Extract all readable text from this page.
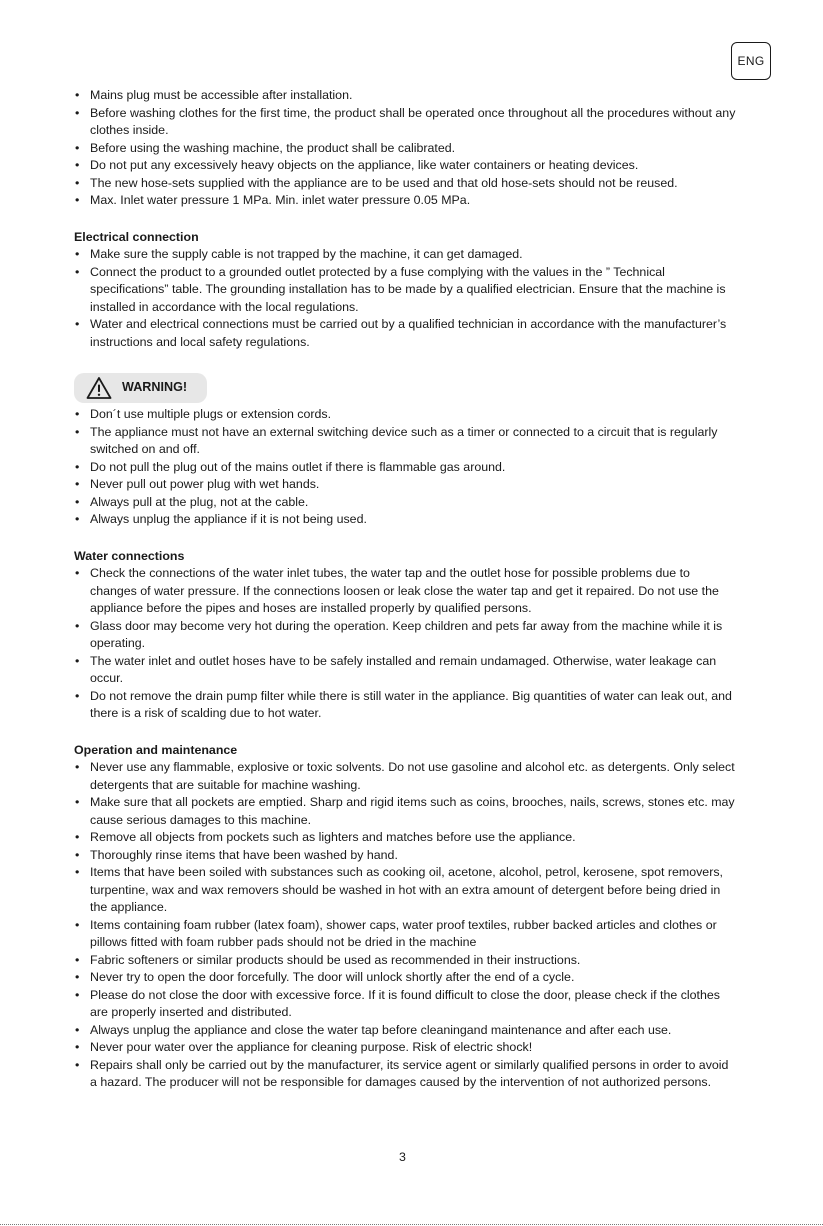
ENG
• Mains plug must be accessible after installation.
• Before washing clothes for the first time, the product shall be operated once throughout all the procedures without any clothes inside.
• Before using the washing machine, the product shall be calibrated.
• Do not put any excessively heavy objects on the appliance, like water containers or heating devices.
• The new hose-sets supplied with the appliance are to be used and that old hose-sets should not be reused.
• Max. Inlet water pressure 1 MPa. Min. inlet water pressure 0.05 MPa.
Electrical connection
• Make sure the supply cable is not trapped by the machine, it can get damaged.
• Connect the product to a grounded outlet protected by a fuse complying with the values in the ” Technical specifications” table. The grounding installation has to be made by a qualified electrician. Ensure that the machine is installed in accordance with the local regulations.
• Water and electrical connections must be carried out by a qualified technician in accordance with the manufacturer’s instructions and local safety regulations.
WARNING!
• Don´t use multiple plugs or extension cords.
• The appliance must not have an external switching device such as a timer or connected to a circuit that is regularly switched on and off.
• Do not pull the plug out of the mains outlet if there is flammable gas around.
• Never pull out power plug with wet hands.
• Always pull at the plug, not at the cable.
• Always unplug the appliance if it is not being used.
Water connections
• Check the connections of the water inlet tubes, the water tap and the outlet hose for possible problems due to changes of water pressure. If the connections loosen or leak close the water tap and get it repaired. Do not use the appliance before the pipes and hoses are installed properly by qualified persons.
• Glass door may become very hot during the operation. Keep children and pets far away from the machine while it is operating.
• The water inlet and outlet hoses have to be safely installed and remain undamaged. Otherwise, water leakage can occur.
• Do not remove the drain pump filter while there is still water in the appliance. Big quantities of water can leak out, and there is a risk of scalding due to hot water.
Operation and maintenance
• Never use any flammable, explosive or toxic solvents. Do not use gasoline and alcohol etc. as detergents. Only select detergents that are suitable for machine washing.
• Make sure that all pockets are emptied. Sharp and rigid items such as coins, brooches, nails, screws, stones etc. may cause serious damages to this machine.
• Remove all objects from pockets such as lighters and matches before use the appliance.
• Thoroughly rinse items that have been washed by hand.
• Items that have been soiled with substances such as cooking oil, acetone, alcohol, petrol, kerosene, spot removers, turpentine, wax and wax removers should be washed in hot with an extra amount of detergent before being dried in the appliance.
• Items containing foam rubber (latex foam), shower caps, water proof textiles, rubber backed articles and clothes or pillows fitted with foam rubber pads should not be dried in the machine
• Fabric softeners or similar products should be used as recommended in their instructions.
• Never try to open the door forcefully. The door will unlock shortly after the end of a cycle.
• Please do not close the door with excessive force. If it is found difficult to close the door, please check if the clothes are properly inserted and distributed.
• Always unplug the appliance and close the water tap before cleaningand maintenance and after each use.
• Never pour water over the appliance for cleaning purpose. Risk of electric shock!
• Repairs shall only be carried out by the manufacturer, its service agent or similarly qualified persons in order to avoid a hazard. The producer will not be responsible for damages caused by the intervention of not authorized persons.
3
